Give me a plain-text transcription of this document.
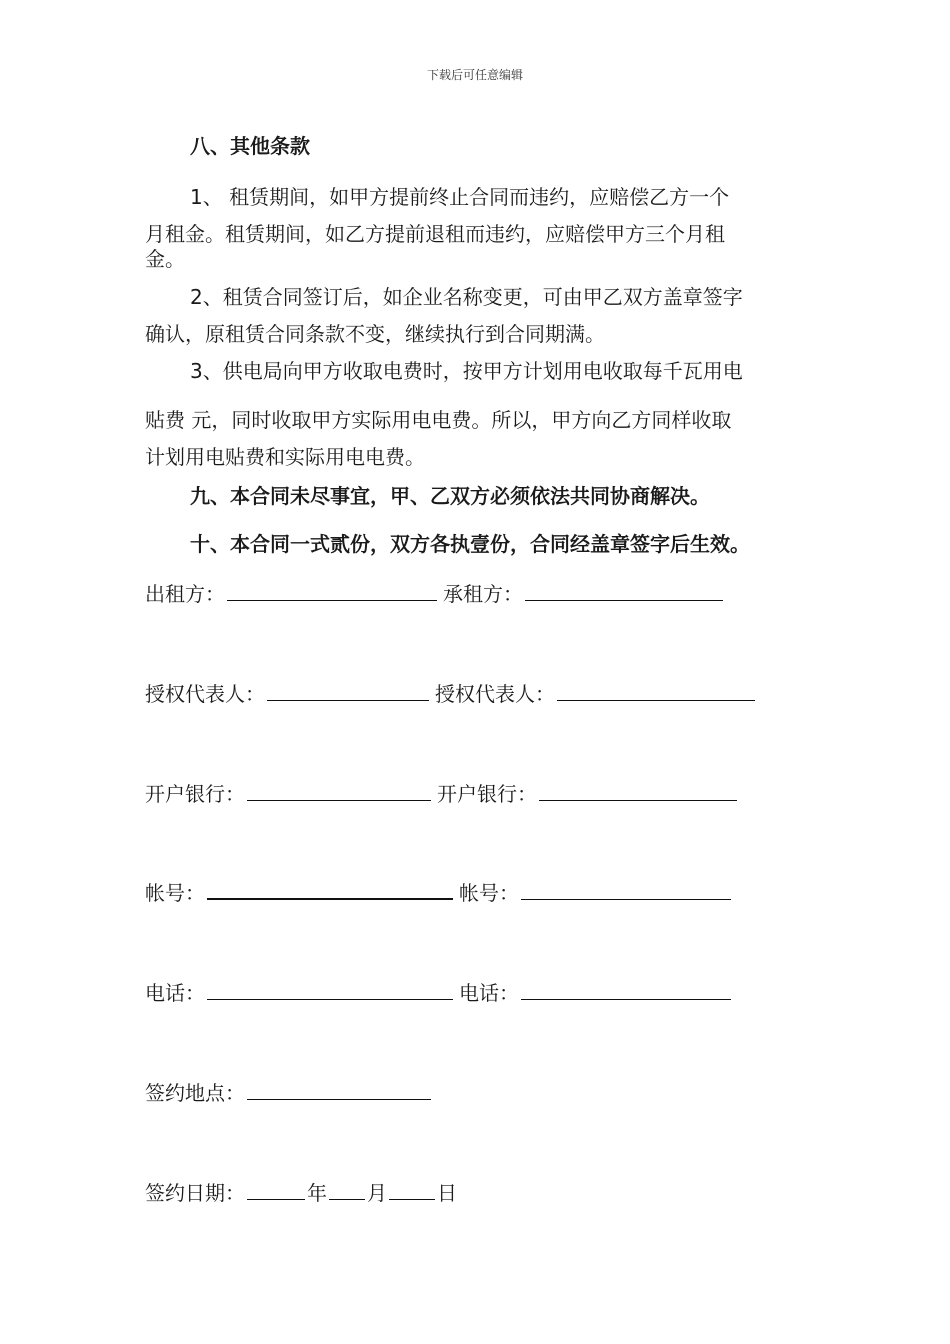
下载后可任意编辑
八、其他条款
1、 租赁期间，如甲方提前终止合同而违约，应赔偿乙方一个
月租金。租赁期间，如乙方提前退租而违约，应赔偿甲方三个月租
金。
2、租赁合同签订后，如企业名称变更，可由甲乙双方盖章签字
确认，原租赁合同条款不变，继续执行到合同期满。
3、供电局向甲方收取电费时，按甲方计划用电收取每千瓦用电
贴费 元，同时收取甲方实际用电电费。所以，甲方向乙方同样收取
计划用电贴费和实际用电电费。
九、本合同未尽事宜，甲、乙双方必须依法共同协商解决。
十、本合同一式贰份，双方各执壹份，合同经盖章签字后生效。
出租方：	承租方：
授权代表人：	授权代表人：
开户银行：	开户银行：
帐号：	帐号：
电话：	电话：
签约地点：
签约日期：	年 月	日
